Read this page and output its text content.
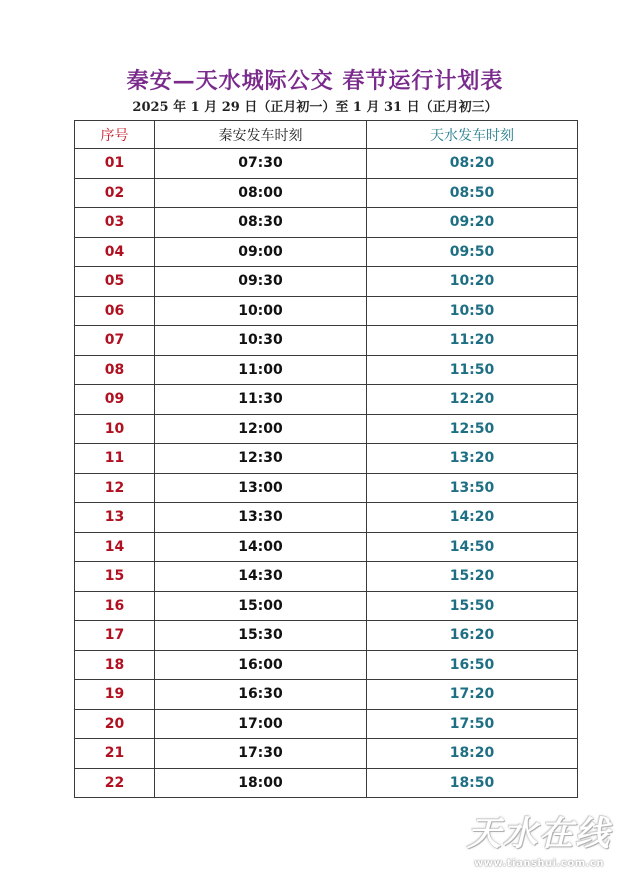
秦安—天水城际公交 春节运行计划表
2025 年 1 月 29 日（正月初一）至 1 月 31 日（正月初三）
序号	秦安发车时刻	天水发车时刻
01	07:30	08:20
02	08:00	08:50
03	08:30	09:20
04	09:00	09:50
05	09:30	10:20
06	10:00	10:50
07	10:30	11:20
08	11:00	11:50
09	11:30	12:20
10	12:00	12:50
11	12:30	13:20
12	13:00	13:50
13	13:30	14:20
14	14:00	14:50
15	14:30	15:20
16	15:00	15:50
17	15:30	16:20
18	16:00	16:50
19	16:30	17:20
20	17:00	17:50
21	17:30	18:20
22	18:00	18:50
天水在线
www.tianshui.com.cn
